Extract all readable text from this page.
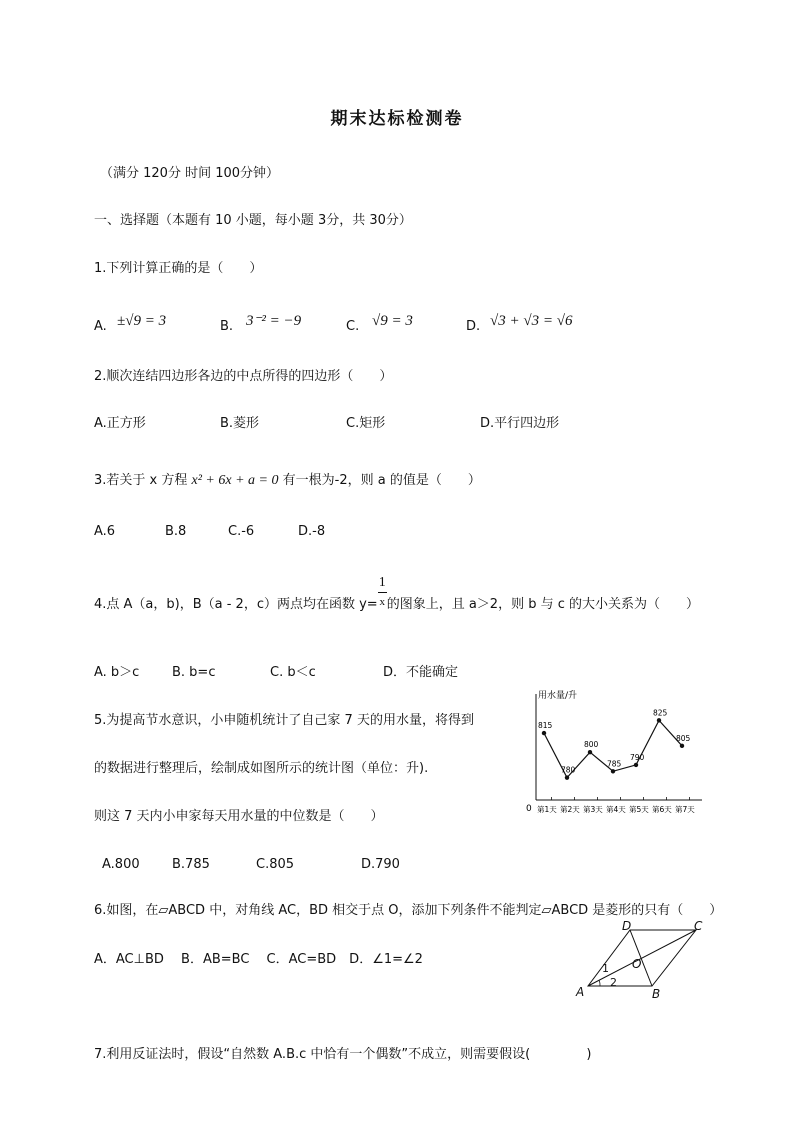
期末达标检测卷
（满分 120分 时间 100分钟）
一、选择题（本题有 10 小题，每小题 3分，共 30分）
1.下列计算正确的是（　　）
A. ±√9 = 3	B. 3⁻² = −9	C. √9 = 3	D. √3 + √3 = √6
2.顺次连结四边形各边的中点所得的四边形（　　）
A.正方形	B.菱形	C.矩形	D.平行四边形
3.若关于 x 方程 x² + 6x + a = 0 有一根为-2，则 a 的值是（　　）
A.6	B.8	C.-6	D.-8
4.点 A（a，b)，B（a - 2，c）两点均在函数 $y= \frac{1}{x}$ 的图象上，且 a＞2，则 b 与 c 的大小关系为（　　）
A. b＞c	B. b=c	C. b＜c	D．不能确定
5.为提高节水意识，小申随机统计了自己家 7 天的用水量，将得到
的数据进行整理后，绘制成如图所示的统计图（单位：升).
则这 7 天内小申家每天用水量的中位数是（　　）
A.800 B.785	C.805	D.790
用水量/升
0
815
780
800
785
790
825
805
第1天 第2天 第3天 第4天 第5天 第6天 第7天
6.如图，在▱ABCD 中，对角线 AC，BD 相交于点 O，添加下列条件不能判定▱ABCD 是菱形的只有（　　）
A．AC⊥BD　 B．AB=BC　 C．AC=BD　D．∠1=∠2
A	B
C
D
O
1
2
7.利用反证法时，假设“自然数 A.B.c 中恰有一个偶数”不成立，则需要假设(　　　　 )
